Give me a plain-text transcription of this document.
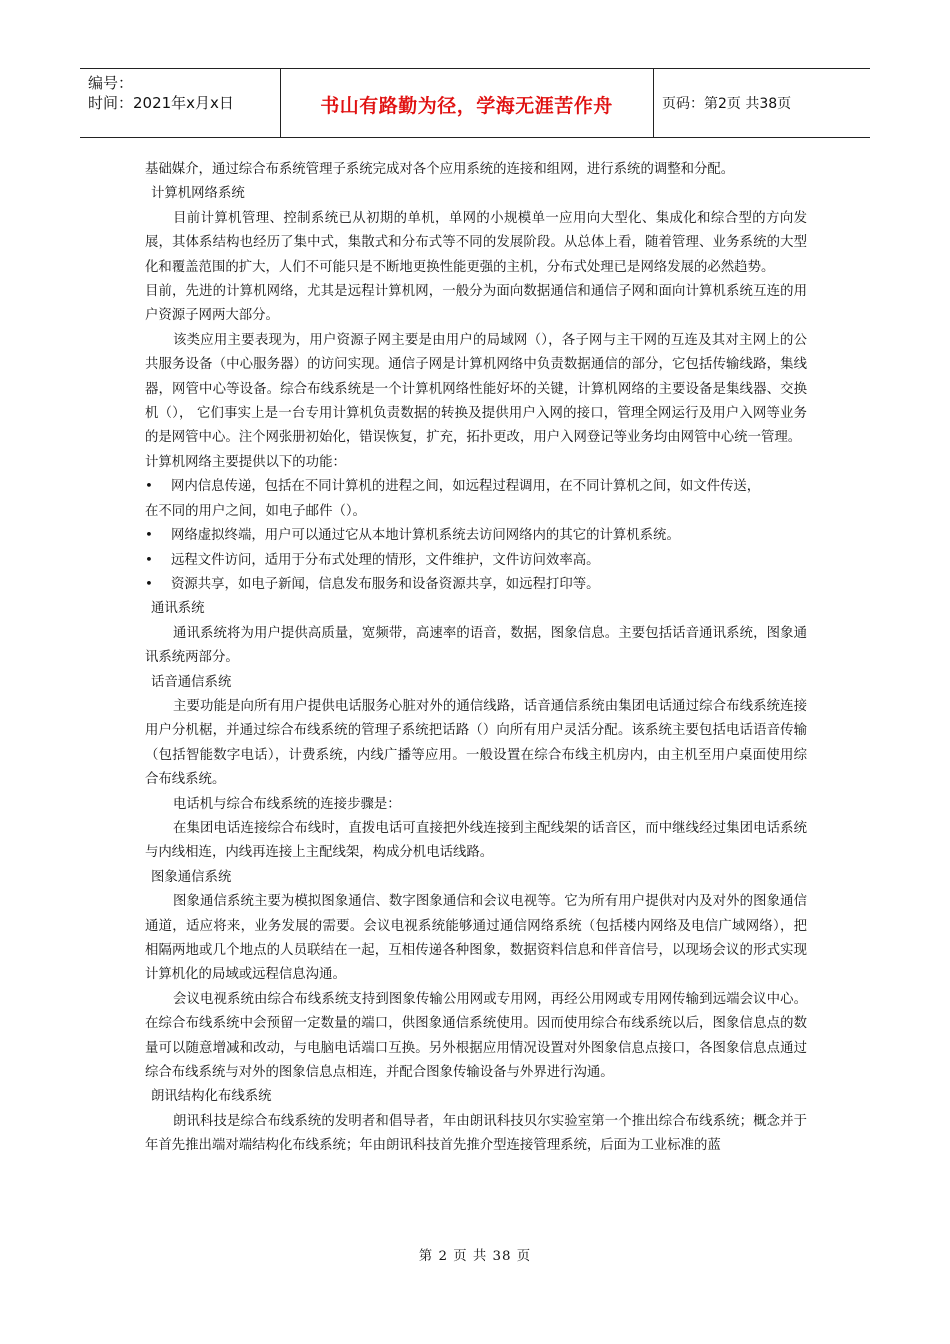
编号：
时间：2021年x月x日	书山有路勤为径，学海无涯苦作舟	页码：第2页 共38页

基础媒介，通过综合布系统管理子系统完成对各个应用系统的连接和组网，进行系统的调整和分配。

计算机网络系统

目前计算机管理、控制系统已从初期的单机，单网的小规模单一应用向大型化、集成化和综合型的方向发展，其体系结构也经历了集中式，集散式和分布式等不同的发展阶段。从总体上看，随着管理、业务系统的大型化和覆盖范围的扩大，人们不可能只是不断地更换性能更强的主机，分布式处理已是网络发展的必然趋势。

目前，先进的计算机网络，尤其是远程计算机网，一般分为面向数据通信和通信子网和面向计算机系统互连的用户资源子网两大部分。

该类应用主要表现为，用户资源子网主要是由用户的局域网（），各子网与主干网的互连及其对主网上的公共服务设备（中心服务器）的访问实现。通信子网是计算机网络中负责数据通信的部分，它包括传输线路，集线器，网管中心等设备。综合布线系统是一个计算机网络性能好坏的关键，计算机网络的主要设备是集线器、交换机（）， 它们事实上是一台专用计算机负责数据的转换及提供用户入网的接口，管理全网运行及用户入网等业务的是网管中心。注个网张册初始化，错误恢复，扩充，拓扑更改，用户入网登记等业务均由网管中心统一管理。

计算机网络主要提供以下的功能：

•	网内信息传递，包括在不同计算机的进程之间，如远程过程调用，在不同计算机之间，如文件传送，

在不同的用户之间，如电子邮件（）。

•	网络虚拟终端，用户可以通过它从本地计算机系统去访问网络内的其它的计算机系统。
•	远程文件访问，适用于分布式处理的情形，文件维护，文件访问效率高。
•	资源共享，如电子新闻，信息发布服务和设备资源共享，如远程打印等。

通讯系统

通讯系统将为用户提供高质量，宽频带，高速率的语音，数据，图象信息。主要包括话音通讯系统，图象通讯系统两部分。

话音通信系统

主要功能是向所有用户提供电话服务心脏对外的通信线路，话音通信系统由集团电话通过综合布线系统连接用户分机椐，并通过综合布线系统的管理子系统把话路（）向所有用户灵活分配。该系统主要包括电话语音传输（包括智能数字电话），计费系统，内线广播等应用。一般设置在综合布线主机房内，由主机至用户桌面使用综合布线系统。

电话机与综合布线系统的连接步骤是：

在集团电话连接综合布线时，直拨电话可直接把外线连接到主配线架的话音区，而中继线经过集团电话系统与内线相连，内线再连接上主配线架，构成分机电话线路。

图象通信系统

图象通信系统主要为模拟图象通信、数字图象通信和会议电视等。它为所有用户提供对内及对外的图象通信通道，适应将来，业务发展的需要。会议电视系统能够通过通信网络系统（包括楼内网络及电信广域网络），把相隔两地或几个地点的人员联结在一起，互相传递各种图象，数据资料信息和伴音信号，以现场会议的形式实现计算机化的局域或远程信息沟通。

会议电视系统由综合布线系统支持到图象传输公用网或专用网，再经公用网或专用网传输到远端会议中心。在综合布线系统中会预留一定数量的端口，供图象通信系统使用。因而使用综合布线系统以后，图象信息点的数量可以随意增减和改动，与电脑电话端口互换。另外根据应用情况设置对外图象信息点接口，各图象信息点通过综合布线系统与对外的图象信息点相连，并配合图象传输设备与外界进行沟通。

朗讯结构化布线系统

朗讯科技是综合布线系统的发明者和倡导者，年由朗讯科技贝尔实验室第一个推出综合布线系统；概念并于年首先推出端对端结构化布线系统；年由朗讯科技首先推介型连接管理系统，后面为工业标准的蓝

第 2 页 共 38 页
